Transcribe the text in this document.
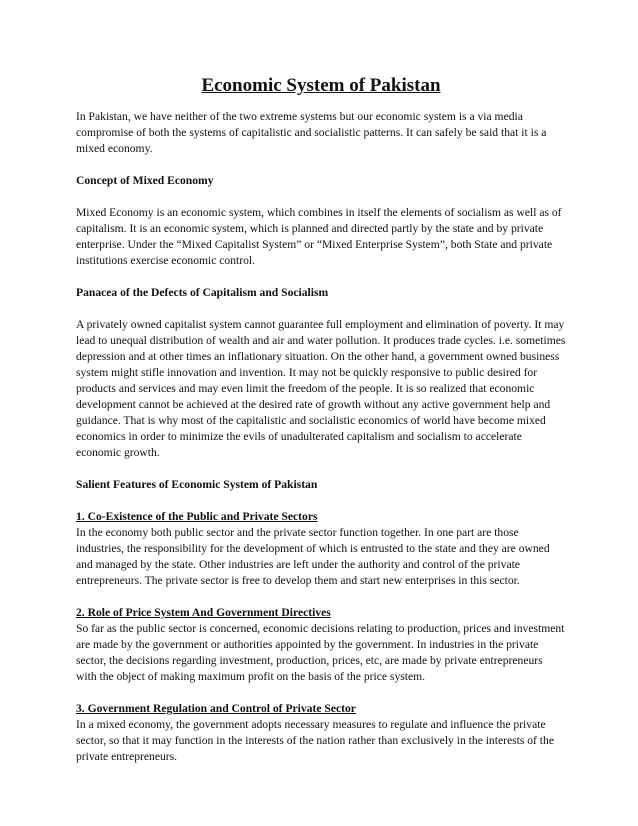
Economic System of Pakistan

In Pakistan, we have neither of the two extreme systems but our economic system is a via media compromise of both the systems of capitalistic and socialistic patterns. It can safely be said that it is a mixed economy.

Concept of Mixed Economy

Mixed Economy is an economic system, which combines in itself the elements of socialism as well as of capitalism. It is an economic system, which is planned and directed partly by the state and by private enterprise. Under the “Mixed Capitalist System” or “Mixed Enterprise System”, both State and private institutions exercise economic control.

Panacea of the Defects of Capitalism and Socialism

A privately owned capitalist system cannot guarantee full employment and elimination of poverty. It may lead to unequal distribution of wealth and air and water pollution. It produces trade cycles. i.e. sometimes depression and at other times an inflationary situation. On the other hand, a government owned business system might stifle innovation and invention. It may not be quickly responsive to public desired for products and services and may even limit the freedom of the people. It is so realized that economic development cannot be achieved at the desired rate of growth without any active government help and guidance. That is why most of the capitalistic and socialistic economics of world have become mixed economics in order to minimize the evils of unadulterated capitalism and socialism to accelerate economic growth.

Salient Features of Economic System of Pakistan

1. Co-Existence of the Public and Private Sectors

In the economy both public sector and the private sector function together. In one part are those industries, the responsibility for the development of which is entrusted to the state and they are owned and managed by the state. Other industries are left under the authority and control of the private entrepreneurs. The private sector is free to develop them and start new enterprises in this sector.

2. Role of Price System And Government Directives

So far as the public sector is concerned, economic decisions relating to production, prices and investment are made by the government or authorities appointed by the government. In industries in the private sector, the decisions regarding investment, production, prices, etc, are made by private entrepreneurs with the object of making maximum profit on the basis of the price system.

3. Government Regulation and Control of Private Sector

In a mixed economy, the government adopts necessary measures to regulate and influence the private sector, so that it may function in the interests of the nation rather than exclusively in the interests of the private entrepreneurs.
